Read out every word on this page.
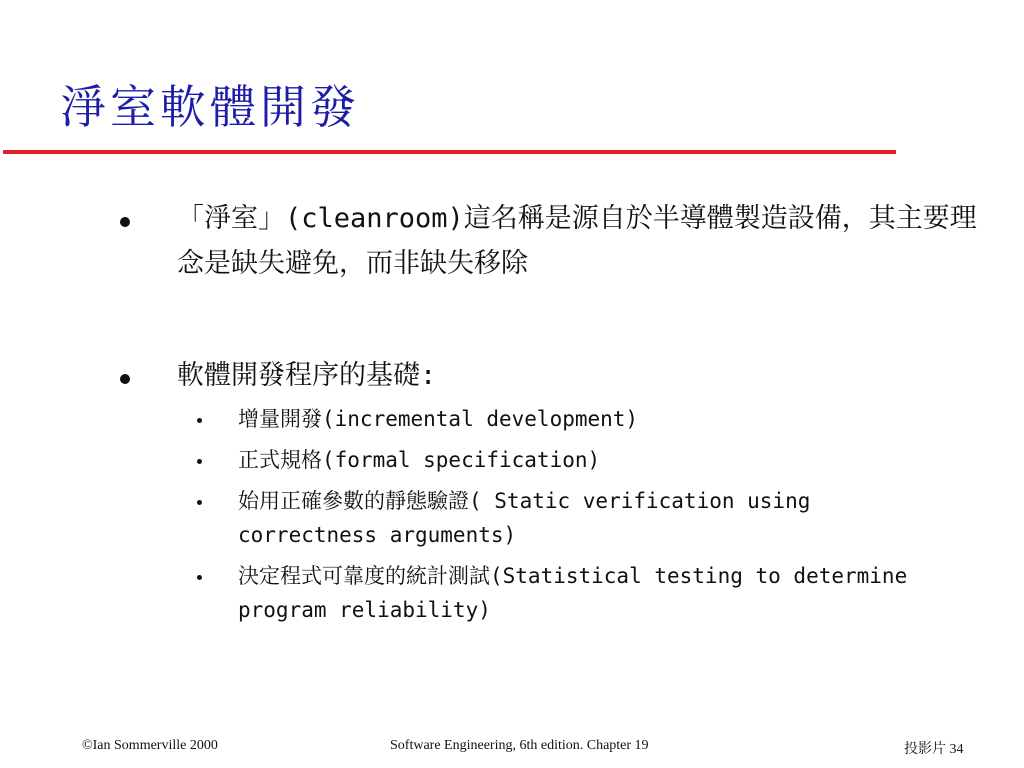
淨室軟體開發
「淨室」(cleanroom)這名稱是源自於半導體製造設備，其主要理念是缺失避免，而非缺失移除
軟體開發程序的基礎:
增量開發(incremental development)
正式規格(formal specification)
始用正確參數的靜態驗證( Static verification using correctness arguments)
決定程式可靠度的統計測試(Statistical testing to determine program reliability)
©Ian Sommerville 2000	Software Engineering, 6th edition. Chapter 19	投影片 34
